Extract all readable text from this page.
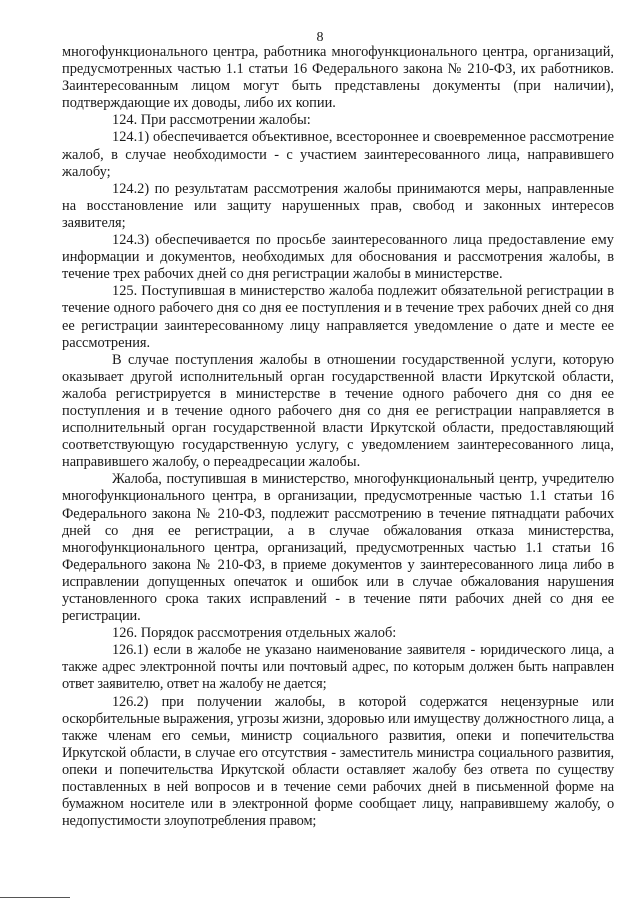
8

многофункционального центра, работника многофункционального центра, организаций, предусмотренных частью 1.1 статьи 16 Федерального закона № 210-ФЗ, их работников. Заинтересованным лицом могут быть представлены документы (при наличии), подтверждающие их доводы, либо их копии.

124. При рассмотрении жалобы:

124.1) обеспечивается объективное, всестороннее и своевременное рассмотрение жалоб, в случае необходимости - с участием заинтересованного лица, направившего жалобу;

124.2) по результатам рассмотрения жалобы принимаются меры, направленные на восстановление или защиту нарушенных прав, свобод и законных интересов заявителя;

124.3) обеспечивается по просьбе заинтересованного лица предоставление ему информации и документов, необходимых для обоснования и рассмотрения жалобы, в течение трех рабочих дней со дня регистрации жалобы в министерстве.

125. Поступившая в министерство жалоба подлежит обязательной регистрации в течение одного рабочего дня со дня ее поступления и в течение трех рабочих дней со дня ее регистрации заинтересованному лицу направляется уведомление о дате и месте ее рассмотрения.

В случае поступления жалобы в отношении государственной услуги, которую оказывает другой исполнительный орган государственной власти Иркутской области, жалоба регистрируется в министерстве в течение одного рабочего дня со дня ее поступления и в течение одного рабочего дня со дня ее регистрации направляется в исполнительный орган государственной власти Иркутской области, предоставляющий соответствующую государственную услугу, с уведомлением заинтересованного лица, направившего жалобу, о переадресации жалобы.

Жалоба, поступившая в министерство, многофункциональный центр, учредителю многофункционального центра, в организации, предусмотренные частью 1.1 статьи 16 Федерального закона № 210-ФЗ, подлежит рассмотрению в течение пятнадцати рабочих дней со дня ее регистрации, а в случае обжалования отказа министерства, многофункционального центра, организаций, предусмотренных частью 1.1 статьи 16 Федерального закона № 210-ФЗ, в приеме документов у заинтересованного лица либо в исправлении допущенных опечаток и ошибок или в случае обжалования нарушения установленного срока таких исправлений - в течение пяти рабочих дней со дня ее регистрации.

126. Порядок рассмотрения отдельных жалоб:

126.1) если в жалобе не указано наименование заявителя - юридического лица, а также адрес электронной почты или почтовый адрес, по которым должен быть направлен ответ заявителю, ответ на жалобу не дается;

126.2) при получении жалобы, в которой содержатся нецензурные или оскорбительные выражения, угрозы жизни, здоровью или имуществу должностного лица, а также членам его семьи, министр социального развития, опеки и попечительства Иркутской области, в случае его отсутствия - заместитель министра социального развития, опеки и попечительства Иркутской области оставляет жалобу без ответа по существу поставленных в ней вопросов и в течение семи рабочих дней в письменной форме на бумажном носителе или в электронной форме сообщает лицу, направившему жалобу, о недопустимости злоупотребления правом;
